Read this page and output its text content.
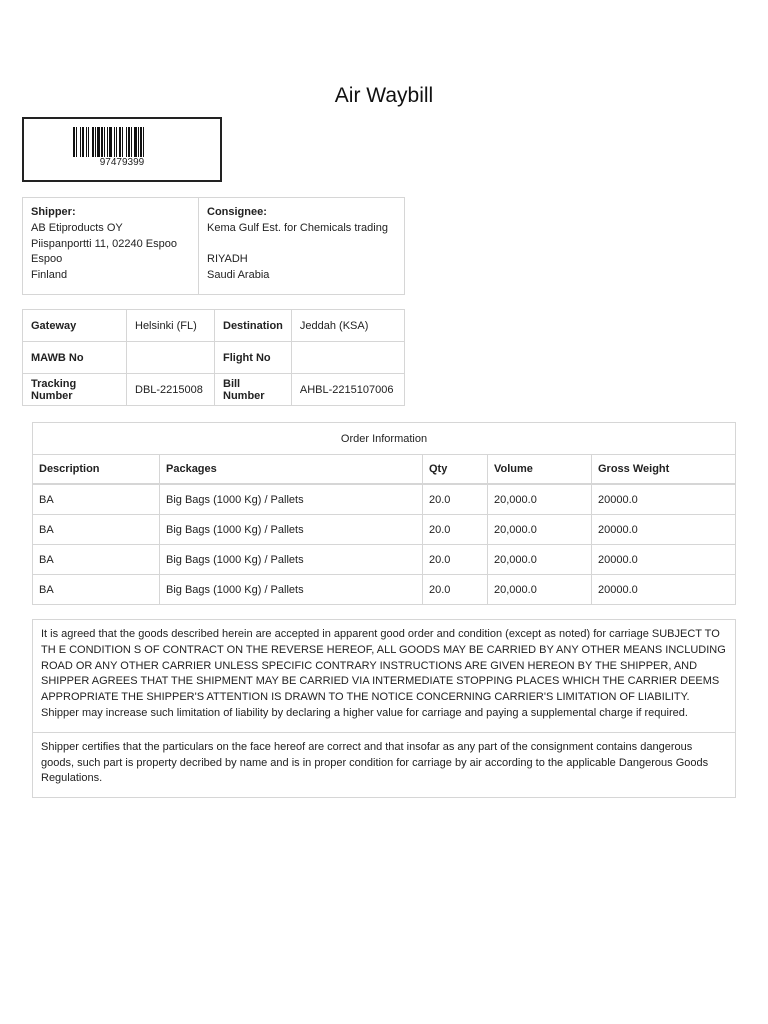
Air Waybill
97479399
Shipper:
AB Etiproducts OY
Piispanportti 11, 02240 Espoo
Espoo
Finland

Consignee:
Kema Gulf Est. for Chemicals trading
RIYADH
Saudi Arabia
Gateway	Helsinki (FL)	Destination	Jeddah (KSA)
MAWB No		Flight No	
Tracking Number	DBL-2215008	Bill Number	AHBL-2215107006
Order Information				
Description	Packages	Qty	Volume	Gross Weight
BA	Big Bags (1000 Kg) / Pallets	20.0	20,000.0	20000.0
BA	Big Bags (1000 Kg) / Pallets	20.0	20,000.0	20000.0
BA	Big Bags (1000 Kg) / Pallets	20.0	20,000.0	20000.0
BA	Big Bags (1000 Kg) / Pallets	20.0	20,000.0	20000.0
It is agreed that the goods described herein are accepted in apparent good order and condition (except as noted) for carriage SUBJECT TO TH E CONDITION S OF CONTRACT ON THE REVERSE HEREOF, ALL GOODS MAY BE CARRIED BY ANY OTHER MEANS INCLUDING ROAD OR ANY OTHER CARRIER UNLESS SPECIFIC CONTRARY INSTRUCTIONS ARE GIVEN HEREON BY THE SHIPPER, AND SHIPPER AGREES THAT THE SHIPMENT MAY BE CARRIED VIA INTERMEDIATE STOPPING PLACES WHICH THE CARRIER DEEMS APPROPRIATE THE SHIPPER'S ATTENTION IS DRAWN TO THE NOTICE CONCERNING CARRIER'S LIMITATION OF LIABILITY. Shipper may increase such limitation of liability by declaring a higher value for carriage and paying a supplemental charge if required.
Shipper certifies that the particulars on the face hereof are correct and that insofar as any part of the consignment contains dangerous goods, such part is property decribed by name and is in proper condition for carriage by air according to the applicable Dangerous Goods Regulations.
